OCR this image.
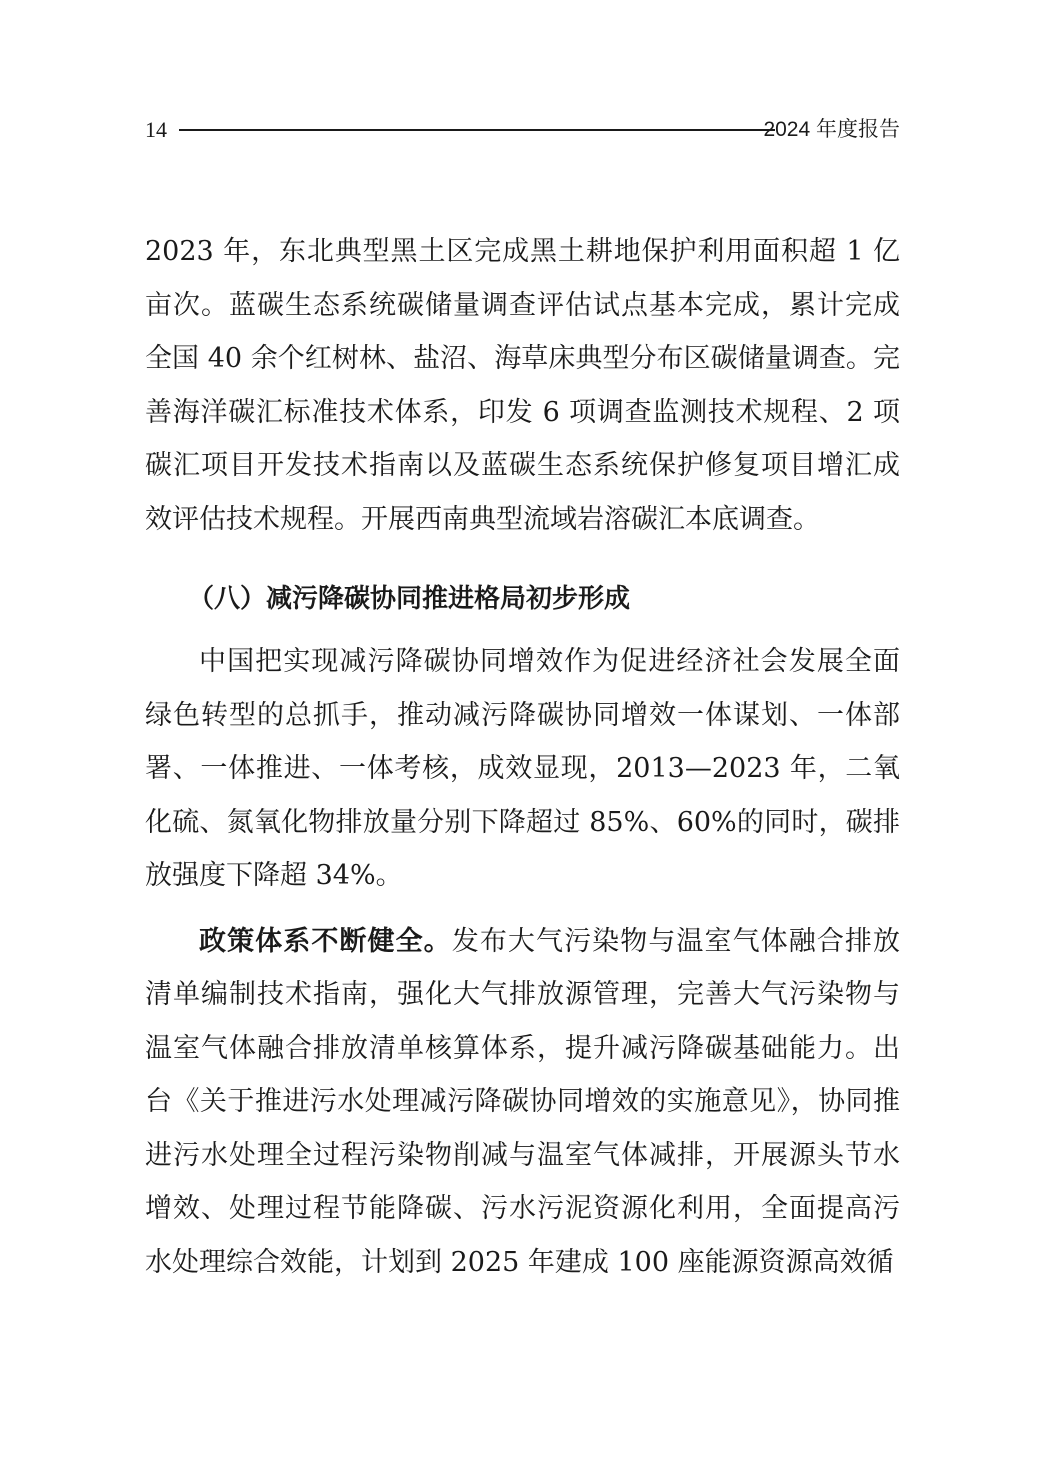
14	2024 年度报告

2023 年，东北典型黑土区完成黑土耕地保护利用面积超 1 亿亩次。蓝碳生态系统碳储量调查评估试点基本完成，累计完成全国 40 余个红树林、盐沼、海草床典型分布区碳储量调查。完善海洋碳汇标准技术体系，印发 6 项调查监测技术规程、2 项碳汇项目开发技术指南以及蓝碳生态系统保护修复项目增汇成效评估技术规程。开展西南典型流域岩溶碳汇本底调查。

（八）减污降碳协同推进格局初步形成

中国把实现减污降碳协同增效作为促进经济社会发展全面绿色转型的总抓手，推动减污降碳协同增效一体谋划、一体部署、一体推进、一体考核，成效显现，2013—2023 年，二氧化硫、氮氧化物排放量分别下降超过 85%、60%的同时，碳排放强度下降超 34%。

政策体系不断健全。发布大气污染物与温室气体融合排放清单编制技术指南，强化大气排放源管理，完善大气污染物与温室气体融合排放清单核算体系，提升减污降碳基础能力。出台《关于推进污水处理减污降碳协同增效的实施意见》，协同推进污水处理全过程污染物削减与温室气体减排，开展源头节水增效、处理过程节能降碳、污水污泥资源化利用，全面提高污水处理综合效能，计划到 2025 年建成 100 座能源资源高效循
